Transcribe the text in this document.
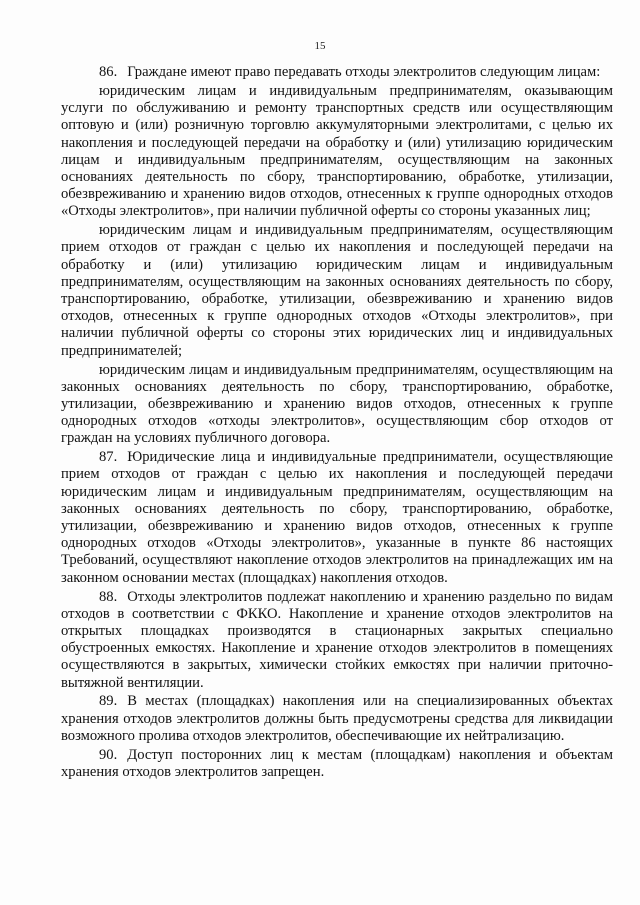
15

86. Граждане имеют право передавать отходы электролитов следующим лицам:

юридическим лицам и индивидуальным предпринимателям, оказывающим услуги по обслуживанию и ремонту транспортных средств или осуществляющим оптовую и (или) розничную торговлю аккумуляторными электролитами, с целью их накопления и последующей передачи на обработку и (или) утилизацию юридическим лицам и индивидуальным предпринимателям, осуществляющим на законных основаниях деятельность по сбору, транспортированию, обработке, утилизации, обезвреживанию и хранению видов отходов, отнесенных к группе однородных отходов «Отходы электролитов», при наличии публичной оферты со стороны указанных лиц;

юридическим лицам и индивидуальным предпринимателям, осуществляющим прием отходов от граждан с целью их накопления и последующей передачи на обработку и (или) утилизацию юридическим лицам и индивидуальным предпринимателям, осуществляющим на законных основаниях деятельность по сбору, транспортированию, обработке, утилизации, обезвреживанию и хранению видов отходов, отнесенных к группе однородных отходов «Отходы электролитов», при наличии публичной оферты со стороны этих юридических лиц и индивидуальных предпринимателей;

юридическим лицам и индивидуальным предпринимателям, осуществляющим на законных основаниях деятельность по сбору, транспортированию, обработке, утилизации, обезвреживанию и хранению видов отходов, отнесенных к группе однородных отходов «отходы электролитов», осуществляющим сбор отходов от граждан на условиях публичного договора.

87. Юридические лица и индивидуальные предприниматели, осуществляющие прием отходов от граждан с целью их накопления и последующей передачи юридическим лицам и индивидуальным предпринимателям, осуществляющим на законных основаниях деятельность по сбору, транспортированию, обработке, утилизации, обезвреживанию и хранению видов отходов, отнесенных к группе однородных отходов «Отходы электролитов», указанные в пункте 86 настоящих Требований, осуществляют накопление отходов электролитов на принадлежащих им на законном основании местах (площадках) накопления отходов.

88. Отходы электролитов подлежат накоплению и хранению раздельно по видам отходов в соответствии с ФККО. Накопление и хранение отходов электролитов на открытых площадках производятся в стационарных закрытых специально обустроенных емкостях. Накопление и хранение отходов электролитов в помещениях осуществляются в закрытых, химически стойких емкостях при наличии приточно-вытяжной вентиляции.

89. В местах (площадках) накопления или на специализированных объектах хранения отходов электролитов должны быть предусмотрены средства для ликвидации возможного пролива отходов электролитов, обеспечивающие их нейтрализацию.

90. Доступ посторонних лиц к местам (площадкам) накопления и объектам хранения отходов электролитов запрещен.
